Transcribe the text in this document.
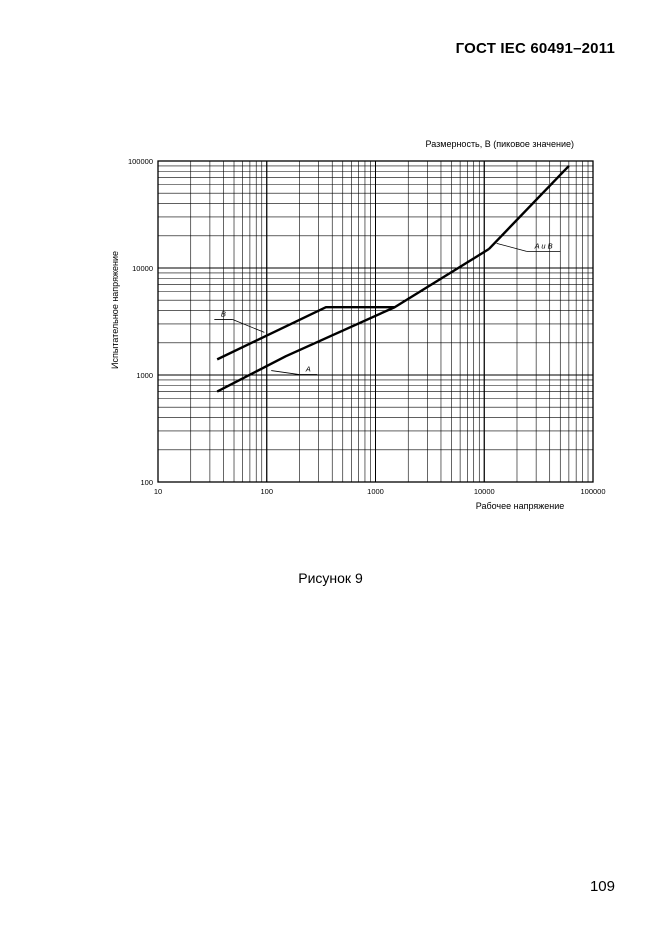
ГОСТ IEC 60491–2011
Размерность, В (пиковое значение)
10	100	1000	10000	100000
100
1000
10000
100000
B
A
A и B
Рабочее напряжение
Испытательное напряжение
Рисунок 9
109
